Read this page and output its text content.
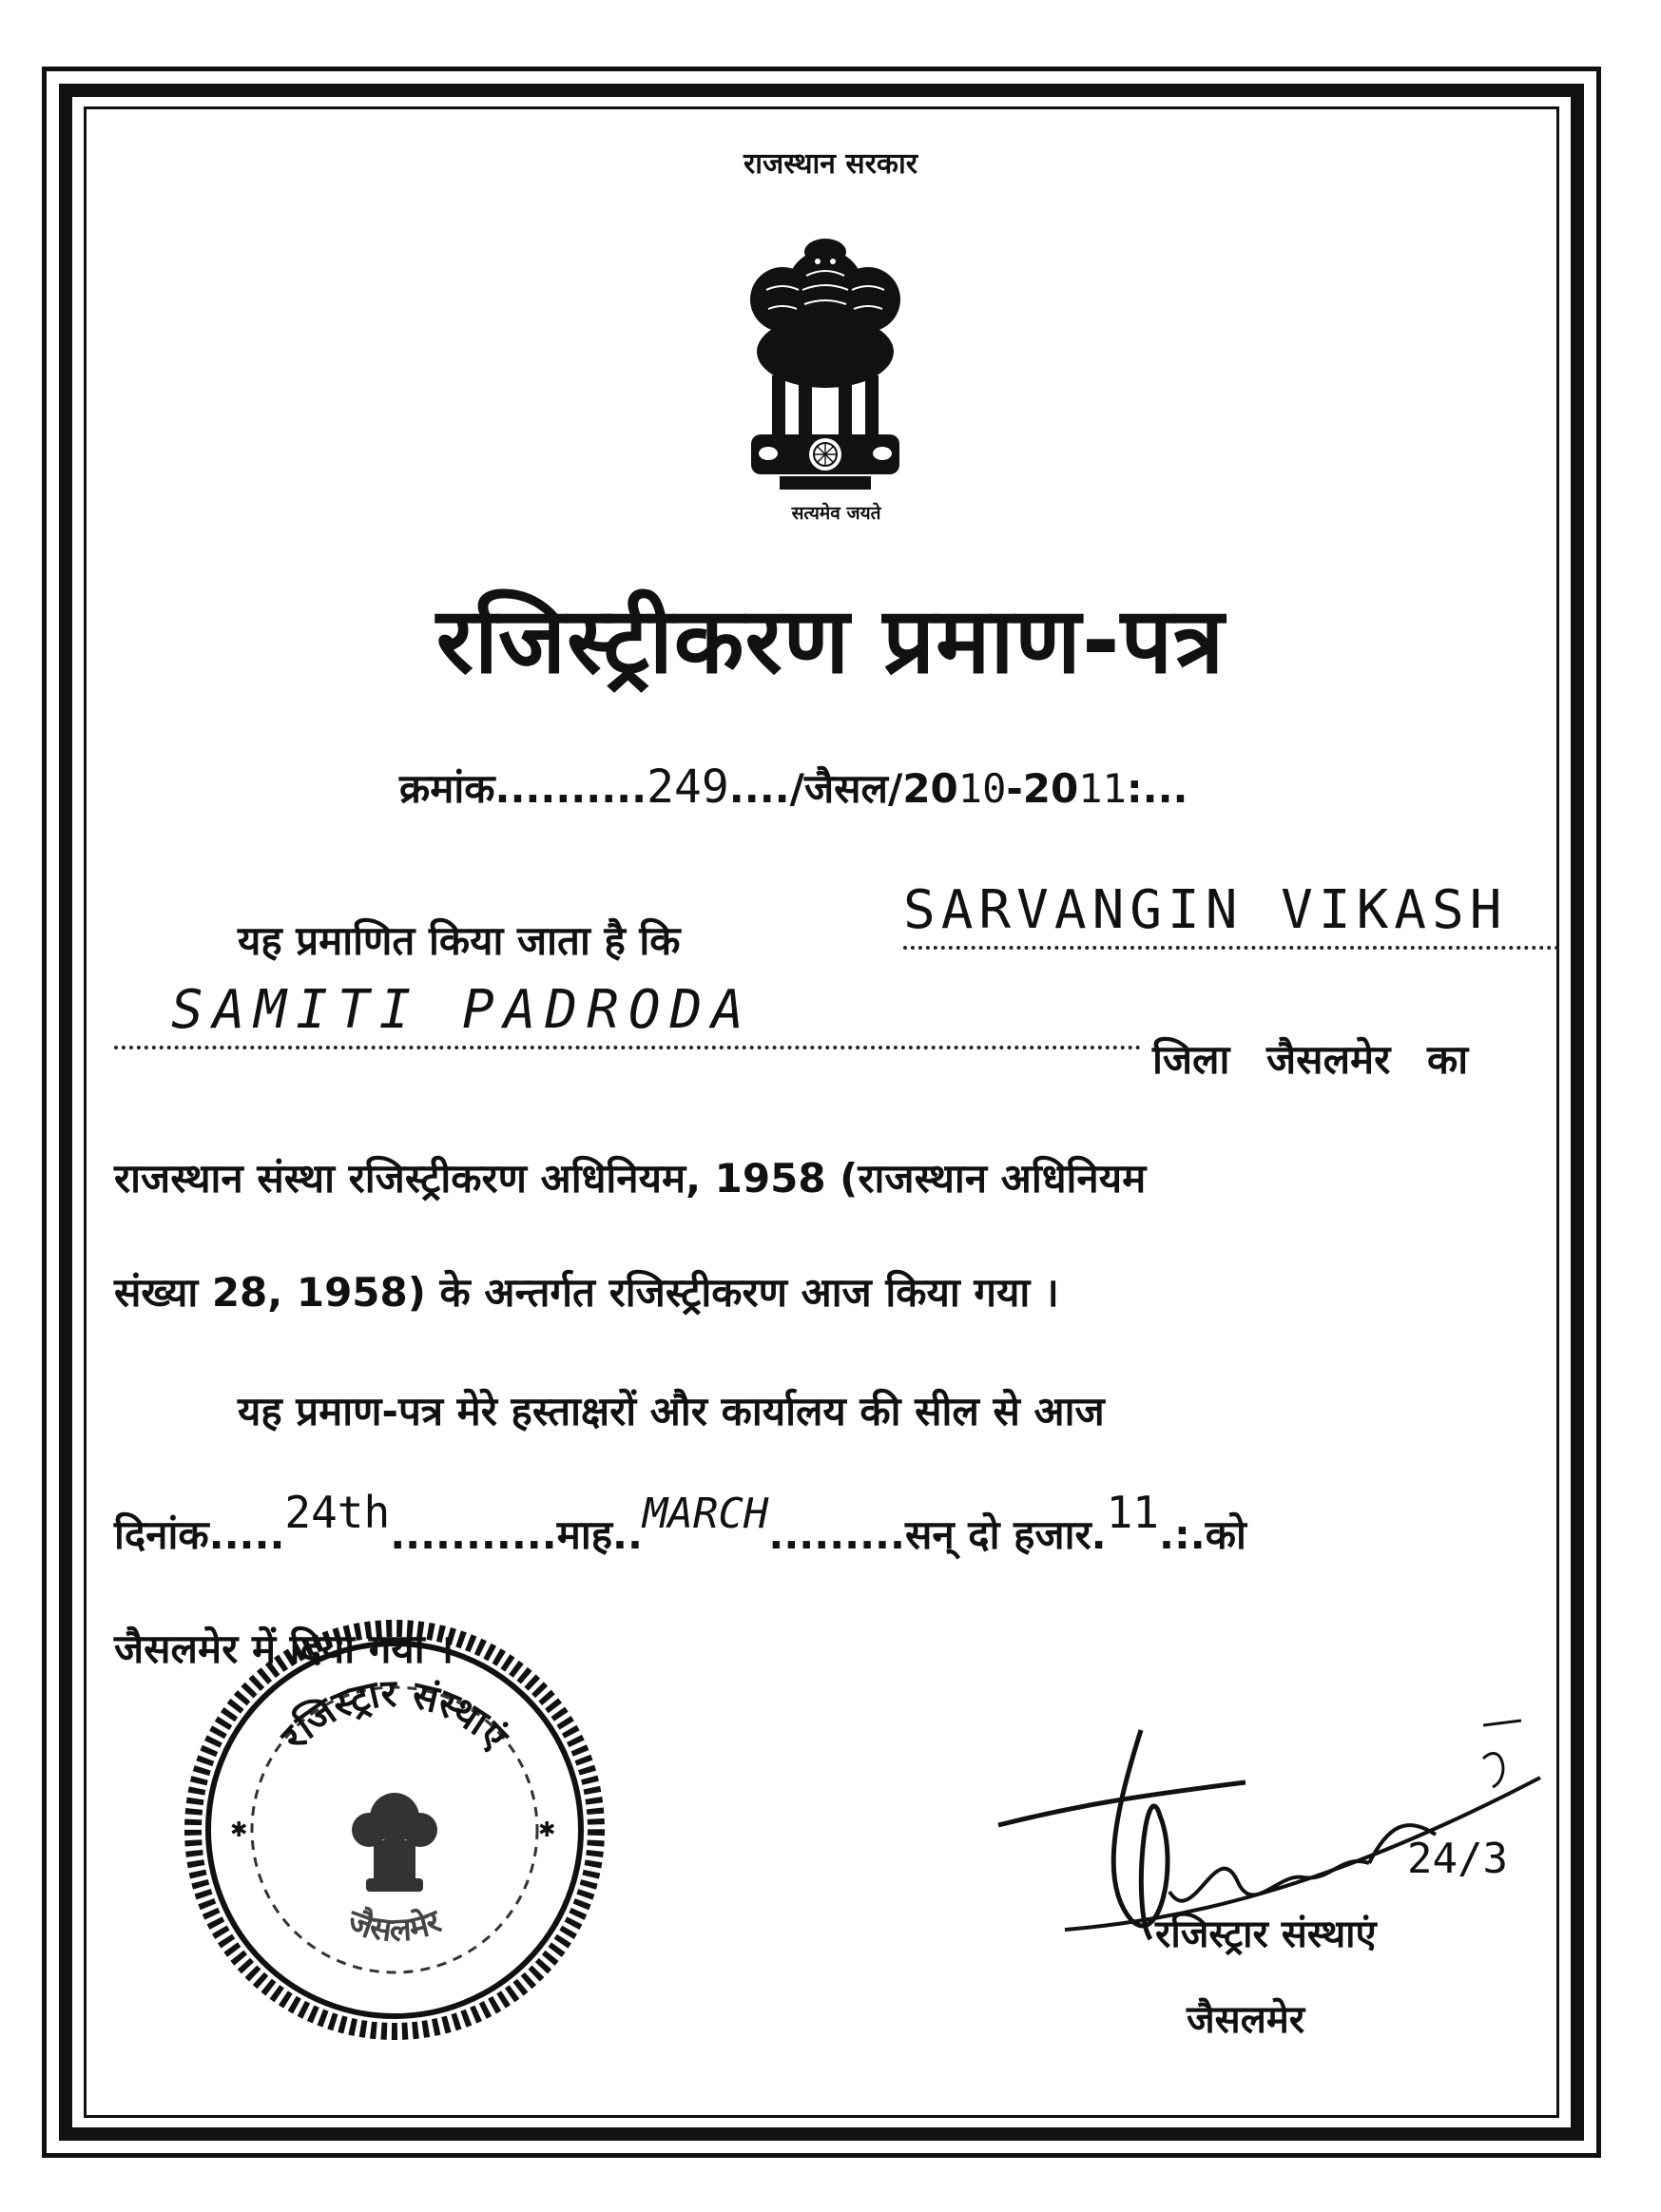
राजस्थान सरकार
सत्यमेव जयते
रजिस्ट्रीकरण प्रमाण-पत्र
क्रमांक..........249..../जैसल/2010-2011:...
यह प्रमाणित किया जाता है कि	SARVANGIN VIKASH
SAMITI PADRODA
जिला जैसलमेर का
राजस्थान संस्था रजिस्ट्रीकरण अधिनियम, 1958 (राजस्थान अधिनियम
संख्या 28, 1958) के अन्तर्गत रजिस्ट्रीकरण आज किया गया ।
यह प्रमाण-पत्र मेरे हस्ताक्षरों और कार्यालय की सील से आज
दिनांक.....24th...........माह..MARCH.........सन् दो हजार.11.:.को
जैसलमेर में दिया गया ।
रजिस्ट्रार संस्थाएं
जैसलमेर
✱	✱
24/3
रजिस्ट्रार संस्थाएं
जैसलमेर
